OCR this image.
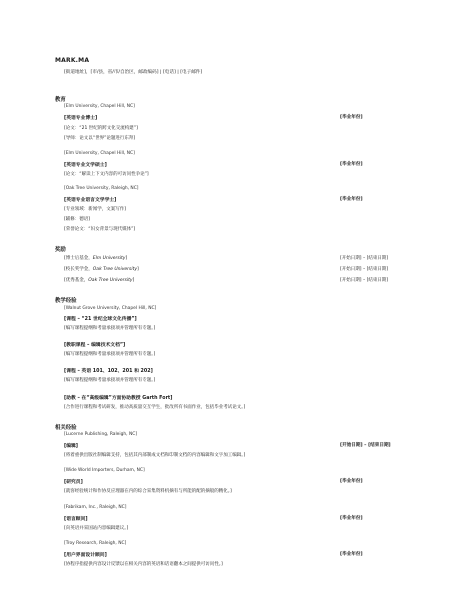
MARK.MA
[街道地址]，[市/县，省/市/自治区，邮政编码] | [电话] | [电子邮件]
教育
[Elm University, Chapel Hill, NC]
[英语专业博士]	[毕业年份]
[论文：“21 世纪的跨文化交流构建”]
[导师：论文以“世界”论题进行东拜]
[Elm University, Chapel Hill, NC]
[英语专业文学硕士]	[毕业年份]
[论文：“解读上下文内容的可访问性争论”]
[Oak Tree University, Raleigh, NC]
[英语专业语言文学学士]	[毕业年份]
[专业领域：新闻学，文案写作]
[辅修：德语]
[荣誉论文：“妇女背景与现代媒体”]
奖励
[博士后基金，Elm University]	[开始日期] – [结束日期]
[校长奖学金，Oak Tree University]	[开始日期] – [结束日期]
[优秀基金，Oak Tree University]	[开始日期] – [结束日期]
教学经验
[Walnut Grove University, Chapel Hill, NC]
[课程 – “21 世纪全球文化传播”]
[编写课程提纲和考量承接项并管理所有专题。]
[教职课程 – 编辑技术文档”]
[编写课程提纲和考量承接项并管理所有专题。]
[课程 – 英语 101、102、201 和 202]
[编写课程提纲和考量承接项并管理所有专题。]
[助教 – 在“高级编辑”方面协助教授 Garth Fort]
[合作进行课程和考试研发，推动高质量交互学生，批改所有书面作业，包括毕业考试论文。]
相关经验
[Lucerne Publishing, Raleigh, NC]
[编辑]	[开始日期] – [结束日期]
[将着重供出版社制编辑支持，包括其内部制成文档和印制文档的内容编辑和文字加工编辑。]
[Wide World Importers, Durham, NC]
[研究员]	[毕业年份]
[就客经验统计和作协反应理器在内的综合采集资料机摘有与所能的配的摘般的精化。]
[Fabrikam, Inc., Raleigh, NC]
[语言顾问]	[毕业年份]
[向英语并采国站内容编辑建议。]
[Troy Research, Raleigh, NC]
[用户界面设计顾问]	[毕业年份]
[协程序指提供内容设计反馈以在相关内容的英语和话语翻本之间提供可访问性。]
